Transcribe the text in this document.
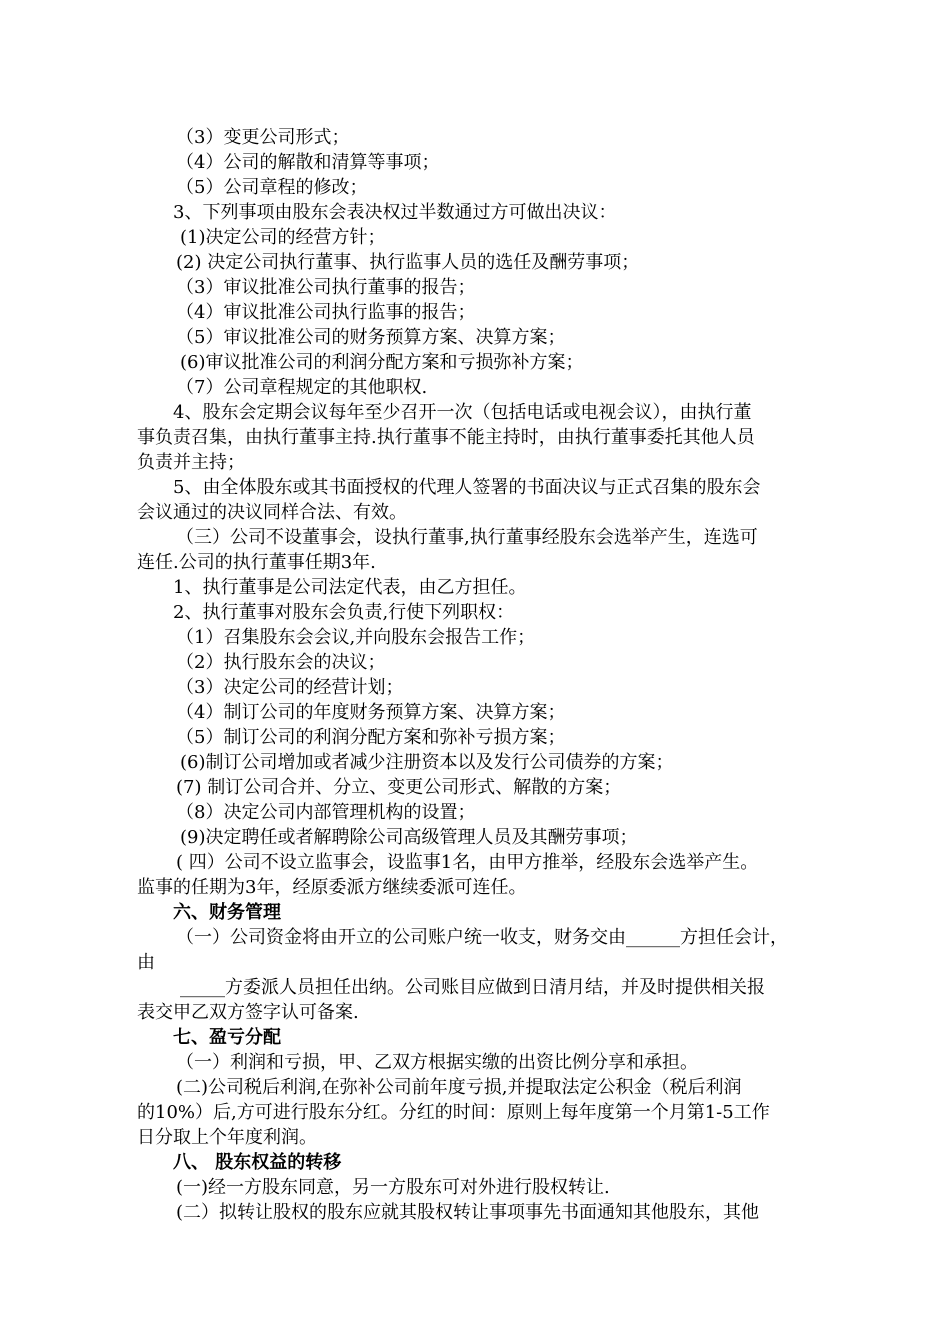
（3）变更公司形式；
（4）公司的解散和清算等事项；
（5）公司章程的修改；
3、下列事项由股东会表决权过半数通过方可做出决议：
(1)决定公司的经营方针；
(2) 决定公司执行董事、执行监事人员的选任及酬劳事项；
（3）审议批准公司执行董事的报告；
（4）审议批准公司执行监事的报告；
（5）审议批准公司的财务预算方案、决算方案；
(6)审议批准公司的利润分配方案和亏损弥补方案；
（7）公司章程规定的其他职权.
4、股东会定期会议每年至少召开一次（包括电话或电视会议），由执行董
事负责召集，由执行董事主持.执行董事不能主持时，由执行董事委托其他人员
负责并主持；
5、由全体股东或其书面授权的代理人签署的书面决议与正式召集的股东会
会议通过的决议同样合法、有效。
（三）公司不设董事会，设执行董事,执行董事经股东会选举产生，连选可
连任.公司的执行董事任期3年.
1、执行董事是公司法定代表，由乙方担任。
2、执行董事对股东会负责,行使下列职权：
（1）召集股东会会议,并向股东会报告工作；
（2）执行股东会的决议；
（3）决定公司的经营计划；
（4）制订公司的年度财务预算方案、决算方案；
（5）制订公司的利润分配方案和弥补亏损方案；
(6)制订公司增加或者减少注册资本以及发行公司债券的方案；
(7) 制订公司合并、分立、变更公司形式、解散的方案；
（8）决定公司内部管理机构的设置；
(9)决定聘任或者解聘除公司高级管理人员及其酬劳事项；
( 四）公司不设立监事会，设监事1名，由甲方推举，经股东会选举产生。
监事的任期为3年，经原委派方继续委派可连任。
六、财务管理
（一）公司资金将由开立的公司账户统一收支，财务交由______方担任会计，
由
_____方委派人员担任出纳。公司账目应做到日清月结，并及时提供相关报
表交甲乙双方签字认可备案.
七、盈亏分配
（一）利润和亏损，甲、乙双方根据实缴的出资比例分享和承担。
(二)公司税后利润,在弥补公司前年度亏损,并提取法定公积金（税后利润
的10%）后,方可进行股东分红。分红的时间：原则上每年度第一个月第1-5工作
日分取上个年度利润。
八、 股东权益的转移
(一)经一方股东同意，另一方股东可对外进行股权转让.
(二）拟转让股权的股东应就其股权转让事项事先书面通知其他股东，其他
